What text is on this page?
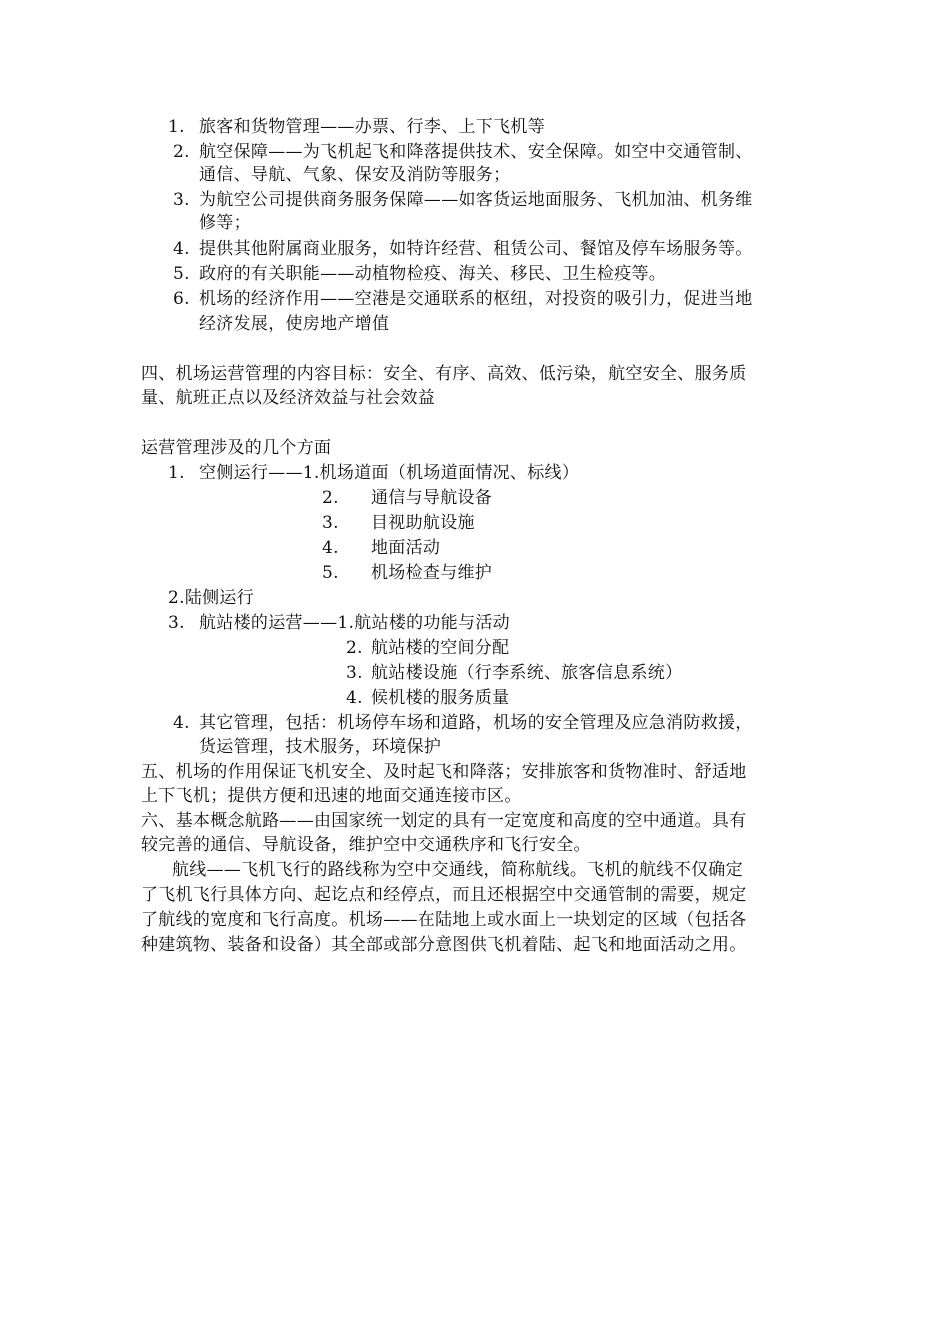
1. 旅客和货物管理——办票、行李、上下飞机等
2. 航空保障——为飞机起飞和降落提供技术、安全保障。如空中交通管制、
通信、导航、气象、保安及消防等服务；
3. 为航空公司提供商务服务保障——如客货运地面服务、飞机加油、机务维
修等；
4. 提供其他附属商业服务，如特许经营、租赁公司、餐馆及停车场服务等。
5. 政府的有关职能——动植物检疫、海关、移民、卫生检疫等。
6. 机场的经济作用——空港是交通联系的枢纽，对投资的吸引力，促进当地
经济发展，使房地产增值
四、机场运营管理的内容目标：安全、有序、高效、低污染，航空安全、服务质
量、航班正点以及经济效益与社会效益
运营管理涉及的几个方面
1. 空侧运行——1.机场道面（机场道面情况、标线）
2. 通信与导航设备
3. 目视助航设施
4. 地面活动
5. 机场检查与维护
2.陆侧运行
3. 航站楼的运营——1.航站楼的功能与活动
2. 航站楼的空间分配
3. 航站楼设施（行李系统、旅客信息系统）
4. 候机楼的服务质量
4. 其它管理，包括：机场停车场和道路，机场的安全管理及应急消防救援，
货运管理，技术服务，环境保护
五、机场的作用保证飞机安全、及时起飞和降落；安排旅客和货物准时、舒适地
上下飞机；提供方便和迅速的地面交通连接市区。
六、基本概念航路——由国家统一划定的具有一定宽度和高度的空中通道。具有
较完善的通信、导航设备，维护空中交通秩序和飞行安全。
航线——飞机飞行的路线称为空中交通线，简称航线。飞机的航线不仅确定
了飞机飞行具体方向、起讫点和经停点，而且还根据空中交通管制的需要，规定
了航线的宽度和飞行高度。机场——在陆地上或水面上一块划定的区域（包括各
种建筑物、装备和设备）其全部或部分意图供飞机着陆、起飞和地面活动之用。
